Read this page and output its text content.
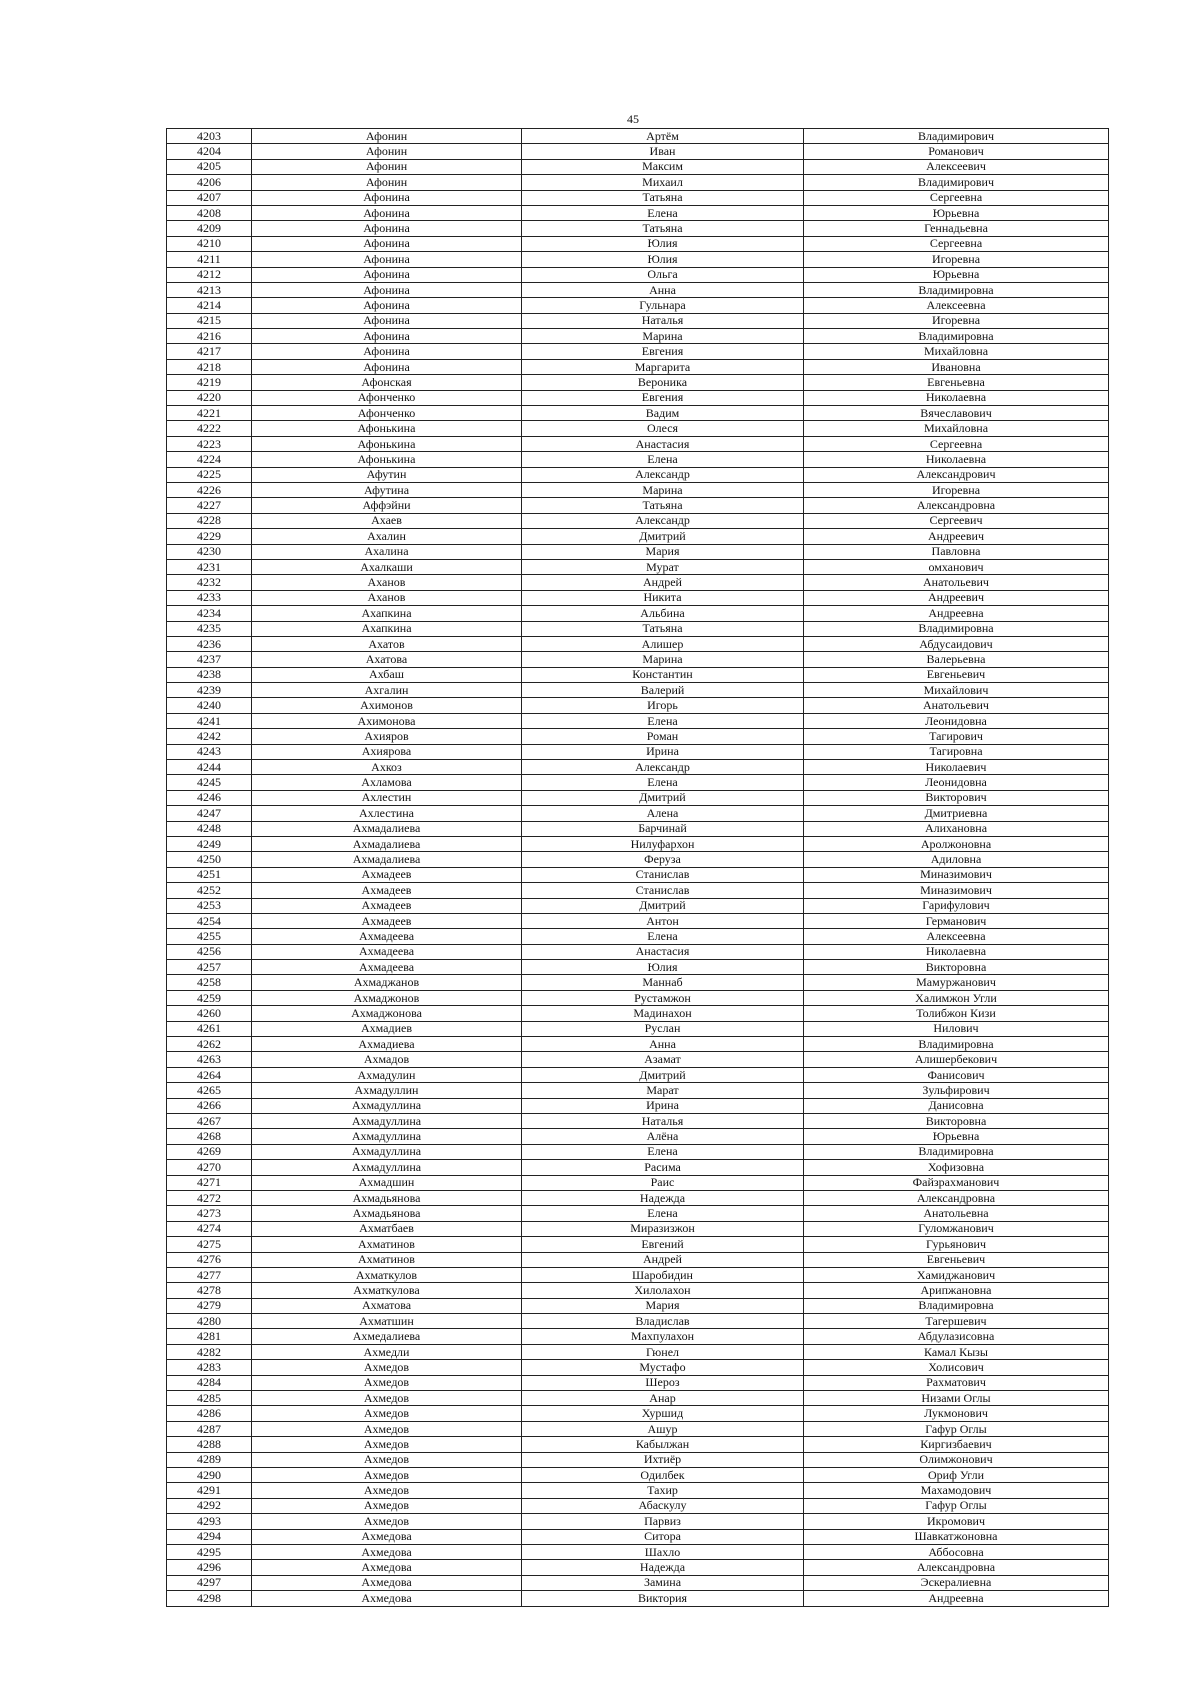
45
4203	Афонин	Артём	Владимирович
4204	Афонин	Иван	Романович
4205	Афонин	Максим	Алексеевич
4206	Афонин	Михаил	Владимирович
4207	Афонина	Татьяна	Сергеевна
4208	Афонина	Елена	Юрьевна
4209	Афонина	Татьяна	Геннадьевна
4210	Афонина	Юлия	Сергеевна
4211	Афонина	Юлия	Игоревна
4212	Афонина	Ольга	Юрьевна
4213	Афонина	Анна	Владимировна
4214	Афонина	Гульнара	Алексеевна
4215	Афонина	Наталья	Игоревна
4216	Афонина	Марина	Владимировна
4217	Афонина	Евгения	Михайловна
4218	Афонина	Маргарита	Ивановна
4219	Афонская	Вероника	Евгеньевна
4220	Афонченко	Евгения	Николаевна
4221	Афонченко	Вадим	Вячеславович
4222	Афонькина	Олеся	Михайловна
4223	Афонькина	Анастасия	Сергеевна
4224	Афонькина	Елена	Николаевна
4225	Афутин	Александр	Александрович
4226	Афутина	Марина	Игоревна
4227	Аффэйни	Татьяна	Александровна
4228	Ахаев	Александр	Сергеевич
4229	Ахалин	Дмитрий	Андреевич
4230	Ахалина	Мария	Павловна
4231	Ахалкаши	Мурат	омханович
4232	Аханов	Андрей	Анатольевич
4233	Аханов	Никита	Андреевич
4234	Ахапкина	Альбина	Андреевна
4235	Ахапкина	Татьяна	Владимировна
4236	Ахатов	Алишер	Абдусаидович
4237	Ахатова	Марина	Валерьевна
4238	Ахбаш	Константин	Евгеньевич
4239	Ахгалин	Валерий	Михайлович
4240	Ахимонов	Игорь	Анатольевич
4241	Ахимонова	Елена	Леонидовна
4242	Ахияров	Роман	Тагирович
4243	Ахиярова	Ирина	Тагировна
4244	Ахкоз	Александр	Николаевич
4245	Ахламова	Елена	Леонидовна
4246	Ахлестин	Дмитрий	Викторович
4247	Ахлестина	Алена	Дмитриевна
4248	Ахмадалиева	Барчинай	Алихановна
4249	Ахмадалиева	Нилуфархон	Аролжоновна
4250	Ахмадалиева	Феруза	Адиловна
4251	Ахмадеев	Станислав	Миназимович
4252	Ахмадеев	Станислав	Миназимович
4253	Ахмадеев	Дмитрий	Гарифулович
4254	Ахмадеев	Антон	Германович
4255	Ахмадеева	Елена	Алексеевна
4256	Ахмадеева	Анастасия	Николаевна
4257	Ахмадеева	Юлия	Викторовна
4258	Ахмаджанов	Маннаб	Мамуржанович
4259	Ахмаджонов	Рустамжон	Халимжон Угли
4260	Ахмаджонова	Мадинахон	Толибжон Кизи
4261	Ахмадиев	Руслан	Нилович
4262	Ахмадиева	Анна	Владимировна
4263	Ахмадов	Азамат	Алишербекович
4264	Ахмадулин	Дмитрий	Фанисович
4265	Ахмадуллин	Марат	Зульфирович
4266	Ахмадуллина	Ирина	Данисовна
4267	Ахмадуллина	Наталья	Викторовна
4268	Ахмадуллина	Алёна	Юрьевна
4269	Ахмадуллина	Елена	Владимировна
4270	Ахмадуллина	Расима	Хофизовна
4271	Ахмадшин	Раис	Файзрахманович
4272	Ахмадьянова	Надежда	Александровна
4273	Ахмадьянова	Елена	Анатольевна
4274	Ахматбаев	Миразизжон	Гуломжанович
4275	Ахматинов	Евгений	Гурьянович
4276	Ахматинов	Андрей	Евгеньевич
4277	Ахматкулов	Шаробидин	Хамиджанович
4278	Ахматкулова	Хилолахон	Арипжановна
4279	Ахматова	Мария	Владимировна
4280	Ахматшин	Владислав	Тагершевич
4281	Ахмедалиева	Махпулахон	Абдулазисовна
4282	Ахмедли	Гюнел	Камал Кызы
4283	Ахмедов	Мустафо	Холисович
4284	Ахмедов	Шероз	Рахматович
4285	Ахмедов	Анар	Низами Оглы
4286	Ахмедов	Хуршид	Лукмонович
4287	Ахмедов	Ашур	Гафур Оглы
4288	Ахмедов	Кабылжан	Киргизбаевич
4289	Ахмедов	Ихтиёр	Олимжонович
4290	Ахмедов	Одилбек	Ориф Угли
4291	Ахмедов	Тахир	Махамодович
4292	Ахмедов	Абаскулу	Гафур Оглы
4293	Ахмедов	Парвиз	Икромович
4294	Ахмедова	Ситора	Шавкатжоновна
4295	Ахмедова	Шахло	Аббосовна
4296	Ахмедова	Надежда	Александровна
4297	Ахмедова	Замина	Эскералиевна
4298	Ахмедова	Виктория	Андреевна
